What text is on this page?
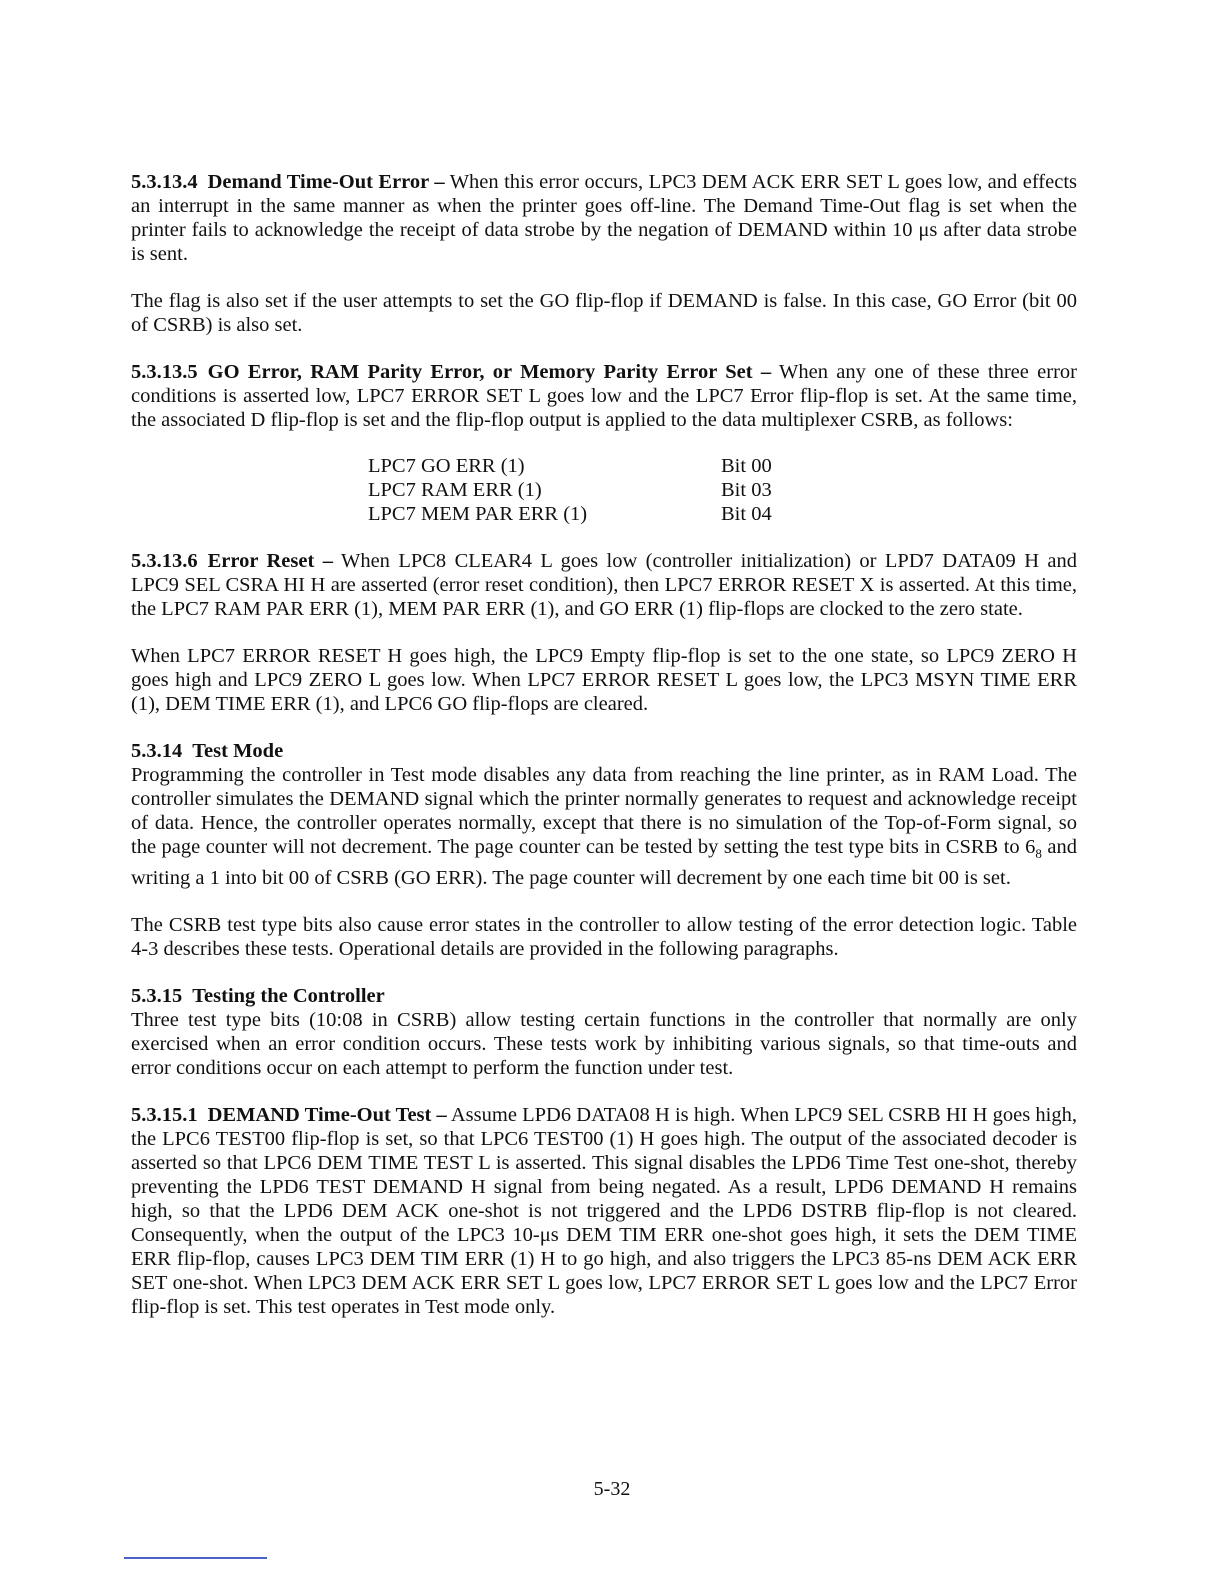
5.3.13.4 Demand Time-Out Error – When this error occurs, LPC3 DEM ACK ERR SET L goes low, and effects an interrupt in the same manner as when the printer goes off-line. The Demand Time-Out flag is set when the printer fails to acknowledge the receipt of data strobe by the negation of DEMAND within 10 μs after data strobe is sent.

The flag is also set if the user attempts to set the GO flip-flop if DEMAND is false. In this case, GO Error (bit 00 of CSRB) is also set.

5.3.13.5 GO Error, RAM Parity Error, or Memory Parity Error Set – When any one of these three error conditions is asserted low, LPC7 ERROR SET L goes low and the LPC7 Error flip-flop is set. At the same time, the associated D flip-flop is set and the flip-flop output is applied to the data multiplexer CSRB, as follows:

LPC7 GO ERR (1)	Bit 00
LPC7 RAM ERR (1)	Bit 03
LPC7 MEM PAR ERR (1)	Bit 04

5.3.13.6 Error Reset – When LPC8 CLEAR4 L goes low (controller initialization) or LPD7 DATA09 H and LPC9 SEL CSRA HI H are asserted (error reset condition), then LPC7 ERROR RESET X is asserted. At this time, the LPC7 RAM PAR ERR (1), MEM PAR ERR (1), and GO ERR (1) flip-flops are clocked to the zero state.

When LPC7 ERROR RESET H goes high, the LPC9 Empty flip-flop is set to the one state, so LPC9 ZERO H goes high and LPC9 ZERO L goes low. When LPC7 ERROR RESET L goes low, the LPC3 MSYN TIME ERR (1), DEM TIME ERR (1), and LPC6 GO flip-flops are cleared.

5.3.14 Test Mode

Programming the controller in Test mode disables any data from reaching the line printer, as in RAM Load. The controller simulates the DEMAND signal which the printer normally generates to request and acknowledge receipt of data. Hence, the controller operates normally, except that there is no simulation of the Top-of-Form signal, so the page counter will not decrement. The page counter can be tested by setting the test type bits in CSRB to $6_8$ and writing a 1 into bit 00 of CSRB (GO ERR). The page counter will decrement by one each time bit 00 is set.

The CSRB test type bits also cause error states in the controller to allow testing of the error detection logic. Table 4-3 describes these tests. Operational details are provided in the following paragraphs.

5.3.15 Testing the Controller

Three test type bits (10:08 in CSRB) allow testing certain functions in the controller that normally are only exercised when an error condition occurs. These tests work by inhibiting various signals, so that time-outs and error conditions occur on each attempt to perform the function under test.

5.3.15.1 DEMAND Time-Out Test – Assume LPD6 DATA08 H is high. When LPC9 SEL CSRB HI H goes high, the LPC6 TEST00 flip-flop is set, so that LPC6 TEST00 (1) H goes high. The output of the associated decoder is asserted so that LPC6 DEM TIME TEST L is asserted. This signal disables the LPD6 Time Test one-shot, thereby preventing the LPD6 TEST DEMAND H signal from being negated. As a result, LPD6 DEMAND H remains high, so that the LPD6 DEM ACK one-shot is not triggered and the LPD6 DSTRB flip-flop is not cleared. Consequently, when the output of the LPC3 10-μs DEM TIM ERR one-shot goes high, it sets the DEM TIME ERR flip-flop, causes LPC3 DEM TIM ERR (1) H to go high, and also triggers the LPC3 85-ns DEM ACK ERR SET one-shot. When LPC3 DEM ACK ERR SET L goes low, LPC7 ERROR SET L goes low and the LPC7 Error flip-flop is set. This test operates in Test mode only.

5-32
